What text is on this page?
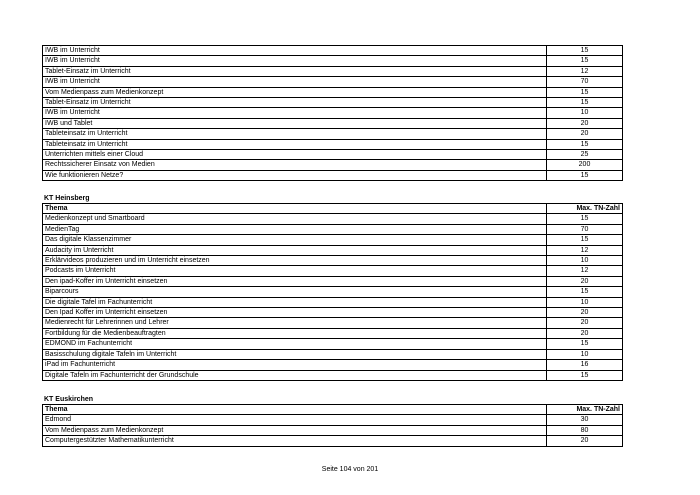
IWB im Unterricht	15
IWB im Unterricht	15
Tablet-Einsatz im Unterricht	12
IWB im Unterricht	70
Vom Medienpass zum Medienkonzept	15
Tablet-Einsatz im Unterricht	15
IWB im Unterricht	10
IWB und Tablet	20
Tableteinsatz im Unterricht	20
Tableteinsatz im Unterricht	15
Unterrichten mittels einer Cloud	25
Rechtssicherer Einsatz von Medien	200
Wie funktionieren Netze?	15
KT Heinsberg
Thema	Max. TN-Zahl
Medienkonzept und Smartboard	15
MedienTag	70
Das digitale Klassenzimmer	15
Audacity im Unterricht	12
Erklärvideos produzieren und im Unterricht einsetzen	10
Podcasts im Unterricht	12
Den ipad-Koffer im Unterricht einsetzen	20
Biparcours	15
Die digitale Tafel im Fachunterricht	10
Den Ipad Koffer im Unterricht einsetzen	20
Medienrecht für Lehrerinnen und Lehrer	20
Fortbildung für die Medienbeauftragten	20
EDMOND im Fachunterricht	15
Basisschulung digitale Tafeln im Unterricht	10
iPad im Fachunterricht	16
Digitale Tafeln im Fachunterricht der Grundschule	15
KT Euskirchen
Thema	Max. TN-Zahl
Edmond	30
Vom Medienpass zum Medienkonzept	80
Computergestützter Mathematikunterricht	20
Seite 104 von 201
